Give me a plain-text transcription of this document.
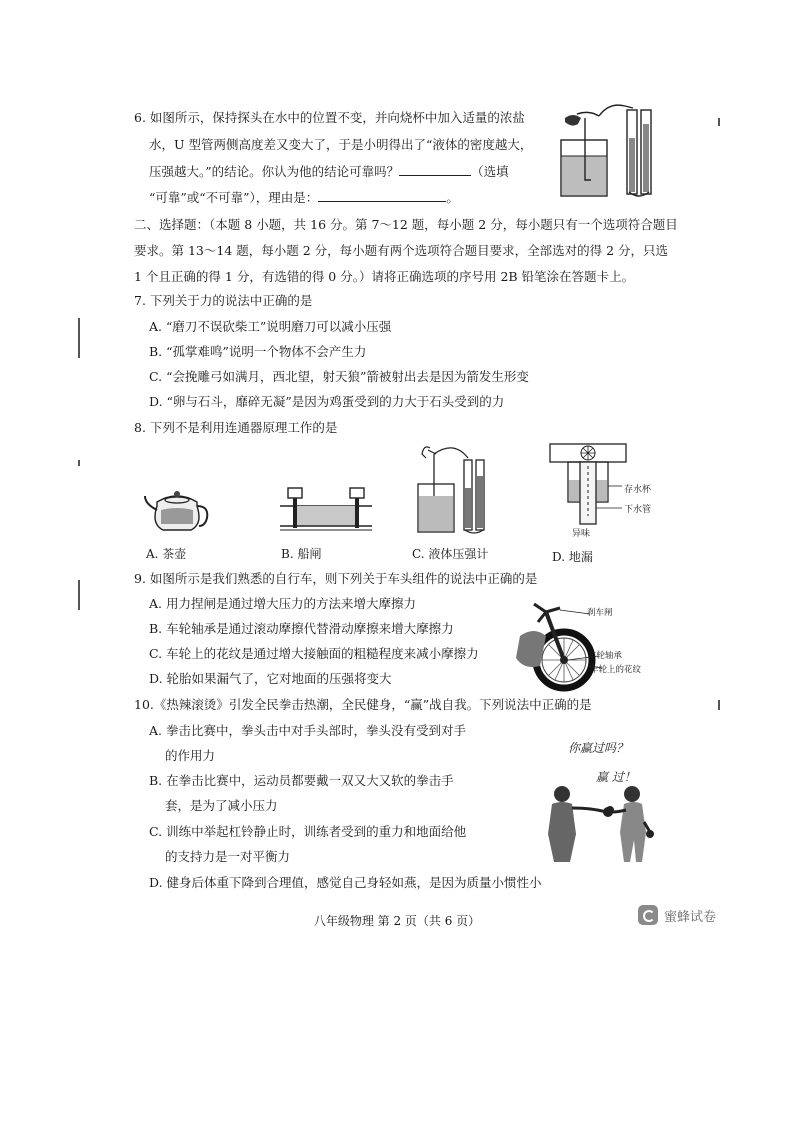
6. 如图所示，保持探头在水中的位置不变，并向烧杯中加入适量的浓盐
水，U 型管两侧高度差又变大了，于是小明得出了“液体的密度越大，
压强越大。”的结论。你认为他的结论可靠吗？	（选填
“可靠”或“不可靠”），理由是：	。
二、选择题：（本题 8 小题，共 16 分。第 7～12 题，每小题 2 分，每小题只有一个选项符合题目
要求。第 13～14 题，每小题 2 分，每小题有两个选项符合题目要求，全部选对的得 2 分，只选
1 个且正确的得 1 分，有选错的得 0 分。）请将正确选项的序号用 2B 铅笔涂在答题卡上。
7. 下列关于力的说法中正确的是
A. “磨刀不误砍柴工”说明磨刀可以减小压强
B. “孤掌难鸣”说明一个物体不会产生力
C. “会挽雕弓如满月，西北望，射天狼”箭被射出去是因为箭发生形变
D. “卵与石斗，靡碎无凝”是因为鸡蛋受到的力大于石头受到的力
8. 下列不是利用连通器原理工作的是
A. 茶壶	B. 船闸	C. 液体压强计
存水杯
下水管
异味
D. 地漏
9. 如图所示是我们熟悉的自行车，则下列关于车头组件的说法中正确的是
A. 用力捏闸是通过增大压力的方法来增大摩擦力
B. 车轮轴承是通过滚动摩擦代替滑动摩擦来增大摩擦力
C. 车轮上的花纹是通过增大接触面的粗糙程度来减小摩擦力
D. 轮胎如果漏气了，它对地面的压强将变大
刹车闸
车轮轴承
车轮上的花纹
10.《热辣滚烫》引发全民拳击热潮，全民健身，“赢”战自我。下列说法中正确的是
A. 拳击比赛中，拳头击中对手头部时，拳头没有受到对手
的作用力
B. 在拳击比赛中，运动员都要戴一双又大又软的拳击手
套，是为了减小压力
C. 训练中举起杠铃静止时，训练者受到的重力和地面给他
的支持力是一对平衡力
D. 健身后体重下降到合理值，感觉自己身轻如燕，是因为质量小惯性小
你赢过吗？
赢 过！
八年级物理 第 2 页（共 6 页）	蜜蜂试卷
